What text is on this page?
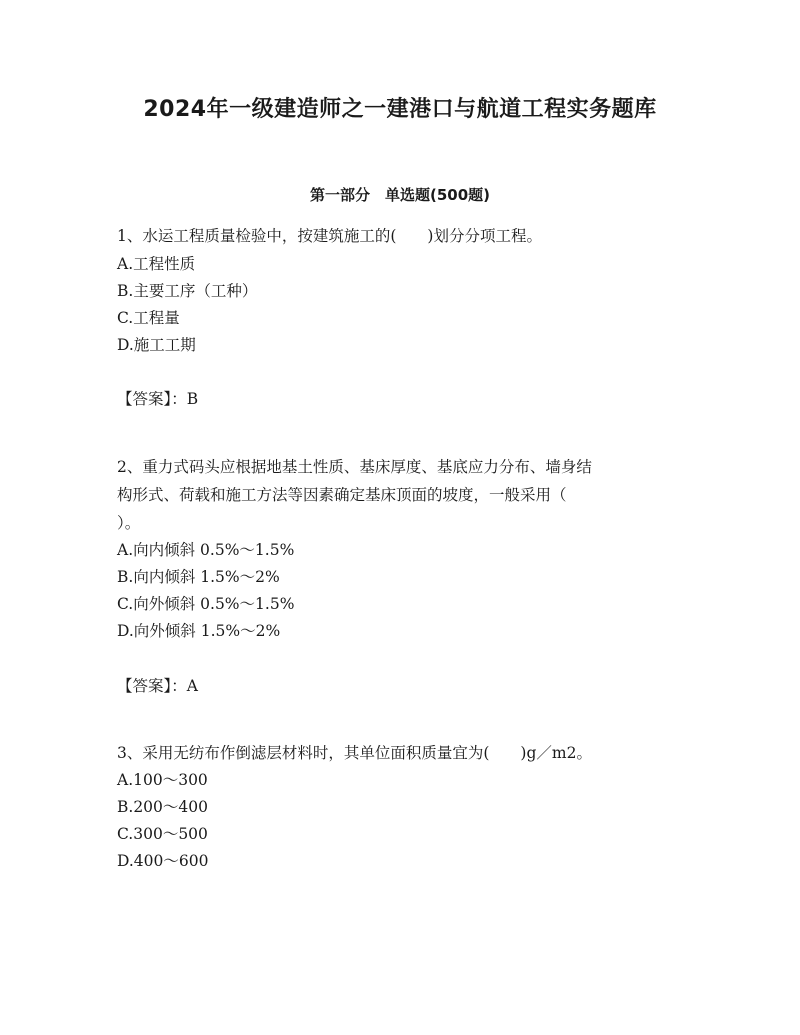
2024年一级建造师之一建港口与航道工程实务题库
第一部分　单选题(500题)
1、水运工程质量检验中，按建筑施工的(　　)划分分项工程。
A.工程性质
B.主要工序（工种）
C.工程量
D.施工工期
【答案】：B
2、重力式码头应根据地基土性质、基床厚度、基底应力分布、墙身结
构形式、荷载和施工方法等因素确定基床顶面的坡度，一般采用（
）。
A.向内倾斜 0.5%～1.5%
B.向内倾斜 1.5%～2%
C.向外倾斜 0.5%～1.5%
D.向外倾斜 1.5%～2%
【答案】：A
3、采用无纺布作倒滤层材料时，其单位面积质量宜为(　　)g／m2。
A.100～300
B.200～400
C.300～500
D.400～600
